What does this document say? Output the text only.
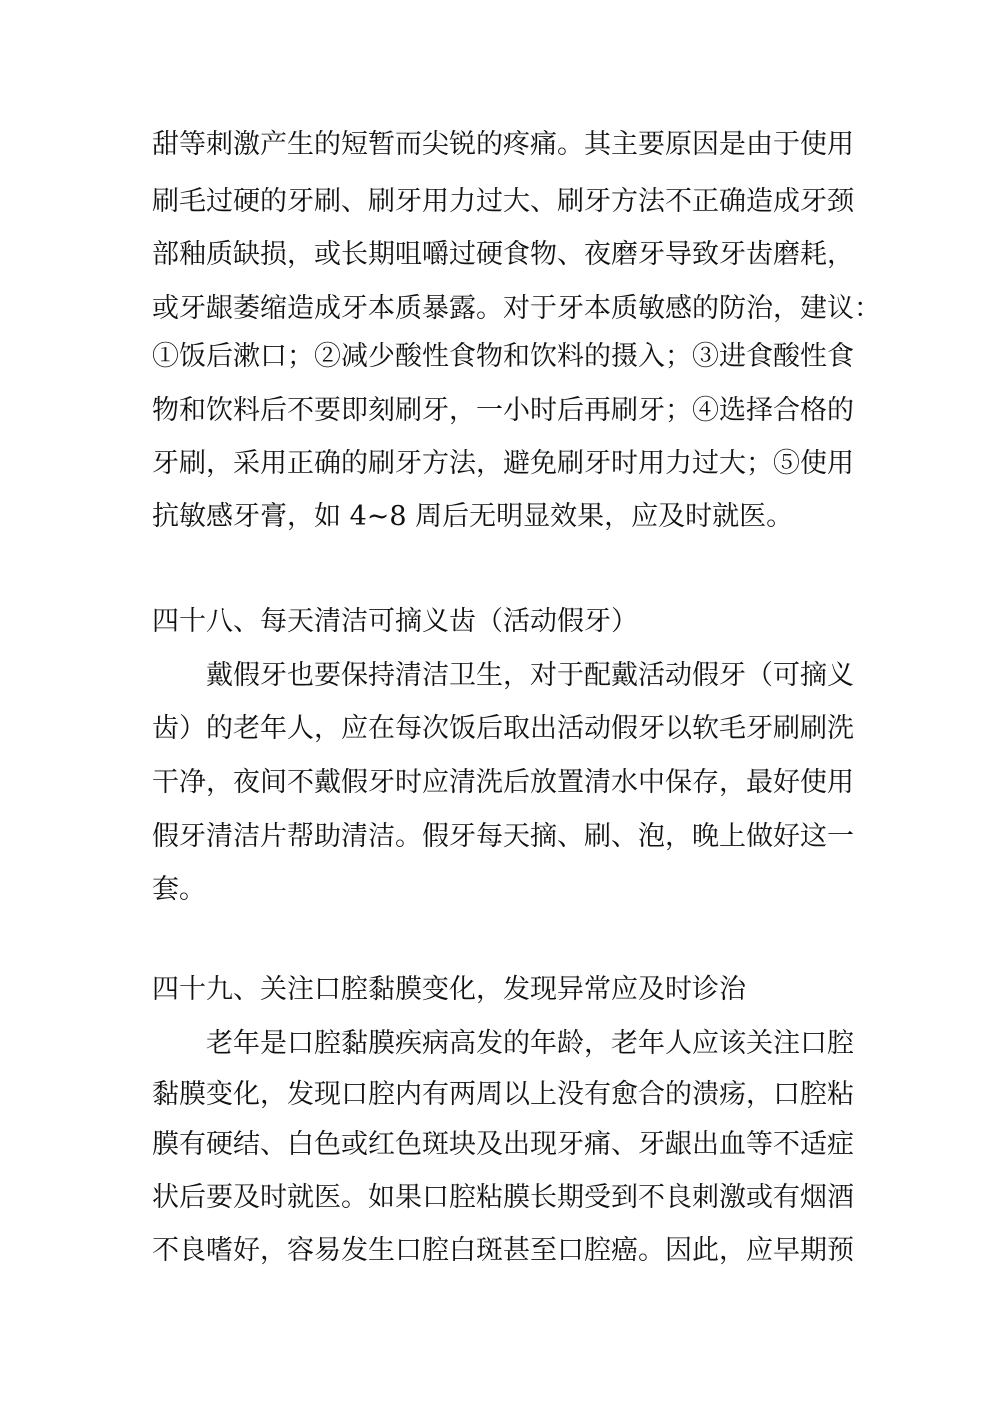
甜等刺激产生的短暂而尖锐的疼痛。其主要原因是由于使用
刷毛过硬的牙刷、刷牙用力过大、刷牙方法不正确造成牙颈
部釉质缺损，或长期咀嚼过硬食物、夜磨牙导致牙齿磨耗，
或牙龈萎缩造成牙本质暴露。对于牙本质敏感的防治，建议：
①饭后漱口；②减少酸性食物和饮料的摄入；③进食酸性食
物和饮料后不要即刻刷牙，一小时后再刷牙；④选择合格的
牙刷，采用正确的刷牙方法，避免刷牙时用力过大；⑤使用
抗敏感牙膏，如 4~8 周后无明显效果，应及时就医。
四十八、每天清洁可摘义齿（活动假牙）
戴假牙也要保持清洁卫生，对于配戴活动假牙（可摘义
齿）的老年人，应在每次饭后取出活动假牙以软毛牙刷刷洗
干净，夜间不戴假牙时应清洗后放置清水中保存，最好使用
假牙清洁片帮助清洁。假牙每天摘、刷、泡，晚上做好这一
套。
四十九、关注口腔黏膜变化，发现异常应及时诊治
老年是口腔黏膜疾病高发的年龄，老年人应该关注口腔
黏膜变化，发现口腔内有两周以上没有愈合的溃疡，口腔粘
膜有硬结、白色或红色斑块及出现牙痛、牙龈出血等不适症
状后要及时就医。如果口腔粘膜长期受到不良刺激或有烟酒
不良嗜好，容易发生口腔白斑甚至口腔癌。因此，应早期预
